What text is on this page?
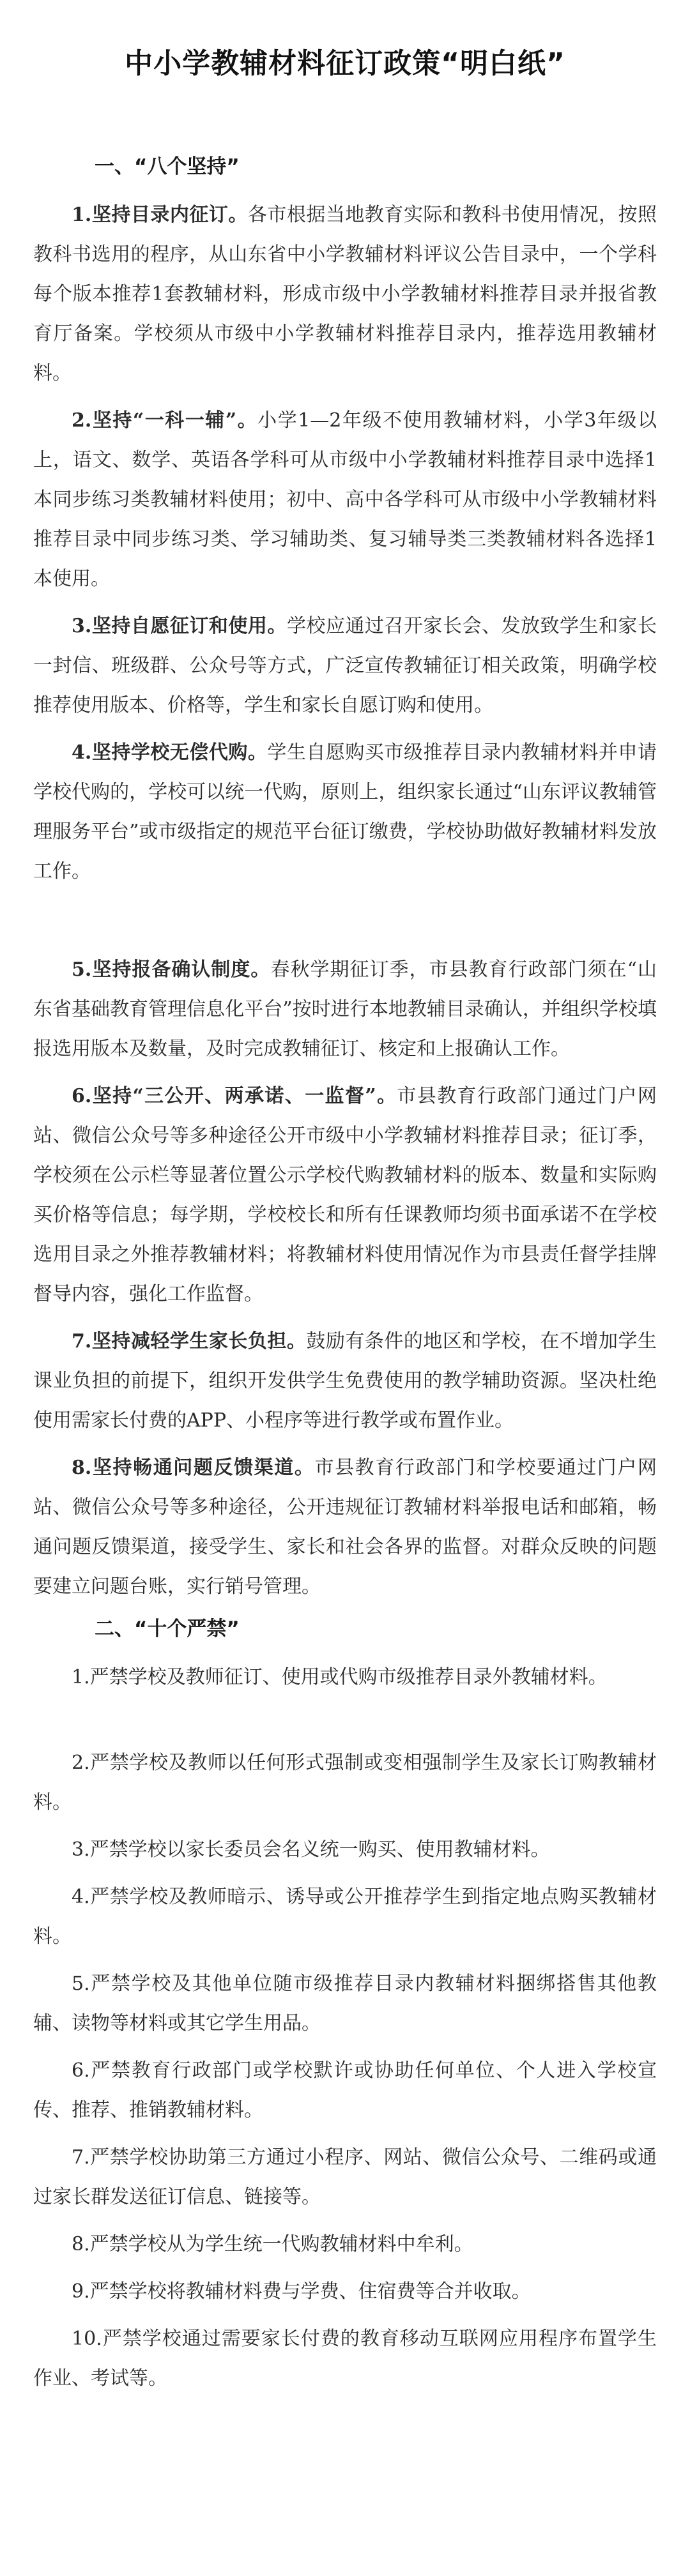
中小学教辅材料征订政策“明白纸”
一、“八个坚持”

1.坚持目录内征订。各市根据当地教育实际和教科书使用情况，按照教科书选用的程序，从山东省中小学教辅材料评议公告目录中，一个学科每个版本推荐1套教辅材料，形成市级中小学教辅材料推荐目录并报省教育厅备案。学校须从市级中小学教辅材料推荐目录内，推荐选用教辅材料。

2.坚持“一科一辅”。小学1—2年级不使用教辅材料，小学3年级以上，语文、数学、英语各学科可从市级中小学教辅材料推荐目录中选择1本同步练习类教辅材料使用；初中、高中各学科可从市级中小学教辅材料推荐目录中同步练习类、学习辅助类、复习辅导类三类教辅材料各选择1本使用。

3.坚持自愿征订和使用。学校应通过召开家长会、发放致学生和家长一封信、班级群、公众号等方式，广泛宣传教辅征订相关政策，明确学校推荐使用版本、价格等，学生和家长自愿订购和使用。

4.坚持学校无偿代购。学生自愿购买市级推荐目录内教辅材料并申请学校代购的，学校可以统一代购，原则上，组织家长通过“山东评议教辅管理服务平台”或市级指定的规范平台征订缴费，学校协助做好教辅材料发放工作。

5.坚持报备确认制度。春秋学期征订季，市县教育行政部门须在“山东省基础教育管理信息化平台”按时进行本地教辅目录确认，并组织学校填报选用版本及数量，及时完成教辅征订、核定和上报确认工作。

6.坚持“三公开、两承诺、一监督”。市县教育行政部门通过门户网站、微信公众号等多种途径公开市级中小学教辅材料推荐目录；征订季，学校须在公示栏等显著位置公示学校代购教辅材料的版本、数量和实际购买价格等信息；每学期，学校校长和所有任课教师均须书面承诺不在学校选用目录之外推荐教辅材料；将教辅材料使用情况作为市县责任督学挂牌督导内容，强化工作监督。

7.坚持减轻学生家长负担。鼓励有条件的地区和学校，在不增加学生课业负担的前提下，组织开发供学生免费使用的教学辅助资源。坚决杜绝使用需家长付费的APP、小程序等进行教学或布置作业。

8.坚持畅通问题反馈渠道。市县教育行政部门和学校要通过门户网站、微信公众号等多种途径，公开违规征订教辅材料举报电话和邮箱，畅通问题反馈渠道，接受学生、家长和社会各界的监督。对群众反映的问题要建立问题台账，实行销号管理。

二、“十个严禁”

1.严禁学校及教师征订、使用或代购市级推荐目录外教辅材料。

2.严禁学校及教师以任何形式强制或变相强制学生及家长订购教辅材料。

3.严禁学校以家长委员会名义统一购买、使用教辅材料。

4.严禁学校及教师暗示、诱导或公开推荐学生到指定地点购买教辅材料。

5.严禁学校及其他单位随市级推荐目录内教辅材料捆绑搭售其他教辅、读物等材料或其它学生用品。

6.严禁教育行政部门或学校默许或协助任何单位、个人进入学校宣传、推荐、推销教辅材料。

7.严禁学校协助第三方通过小程序、网站、微信公众号、二维码或通过家长群发送征订信息、链接等。

8.严禁学校从为学生统一代购教辅材料中牟利。

9.严禁学校将教辅材料费与学费、住宿费等合并收取。

10.严禁学校通过需要家长付费的教育移动互联网应用程序布置学生作业、考试等。
